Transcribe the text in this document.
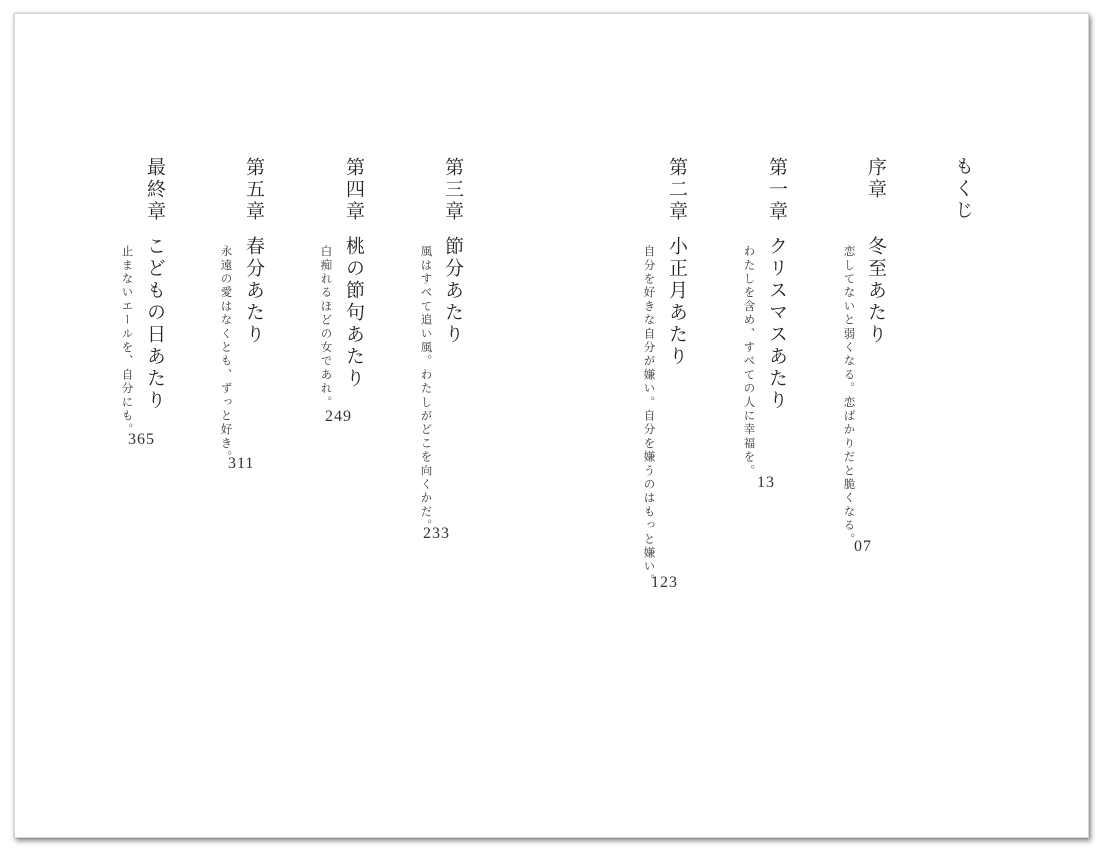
もくじ
序章
冬至あたり
恋してないと弱くなる。恋ばかりだと脆くなる。
07
第一章
クリスマスあたり
わたしを含め、すべての人に幸福を。
13
第二章
小正月あたり
自分を好きな自分が嫌い。自分を嫌うのはもっと嫌い。
123
第三章
節分あたり
風はすべて追い風。わたしがどこを向くかだ。
233
第四章
桃の節句あたり
白痴れるほどの女であれ。
249
第五章
春分あたり
永遠の愛はなくとも、ずっと好き。
311
最終章
こどもの日あたり
止まないエールを、自分にも。
365
